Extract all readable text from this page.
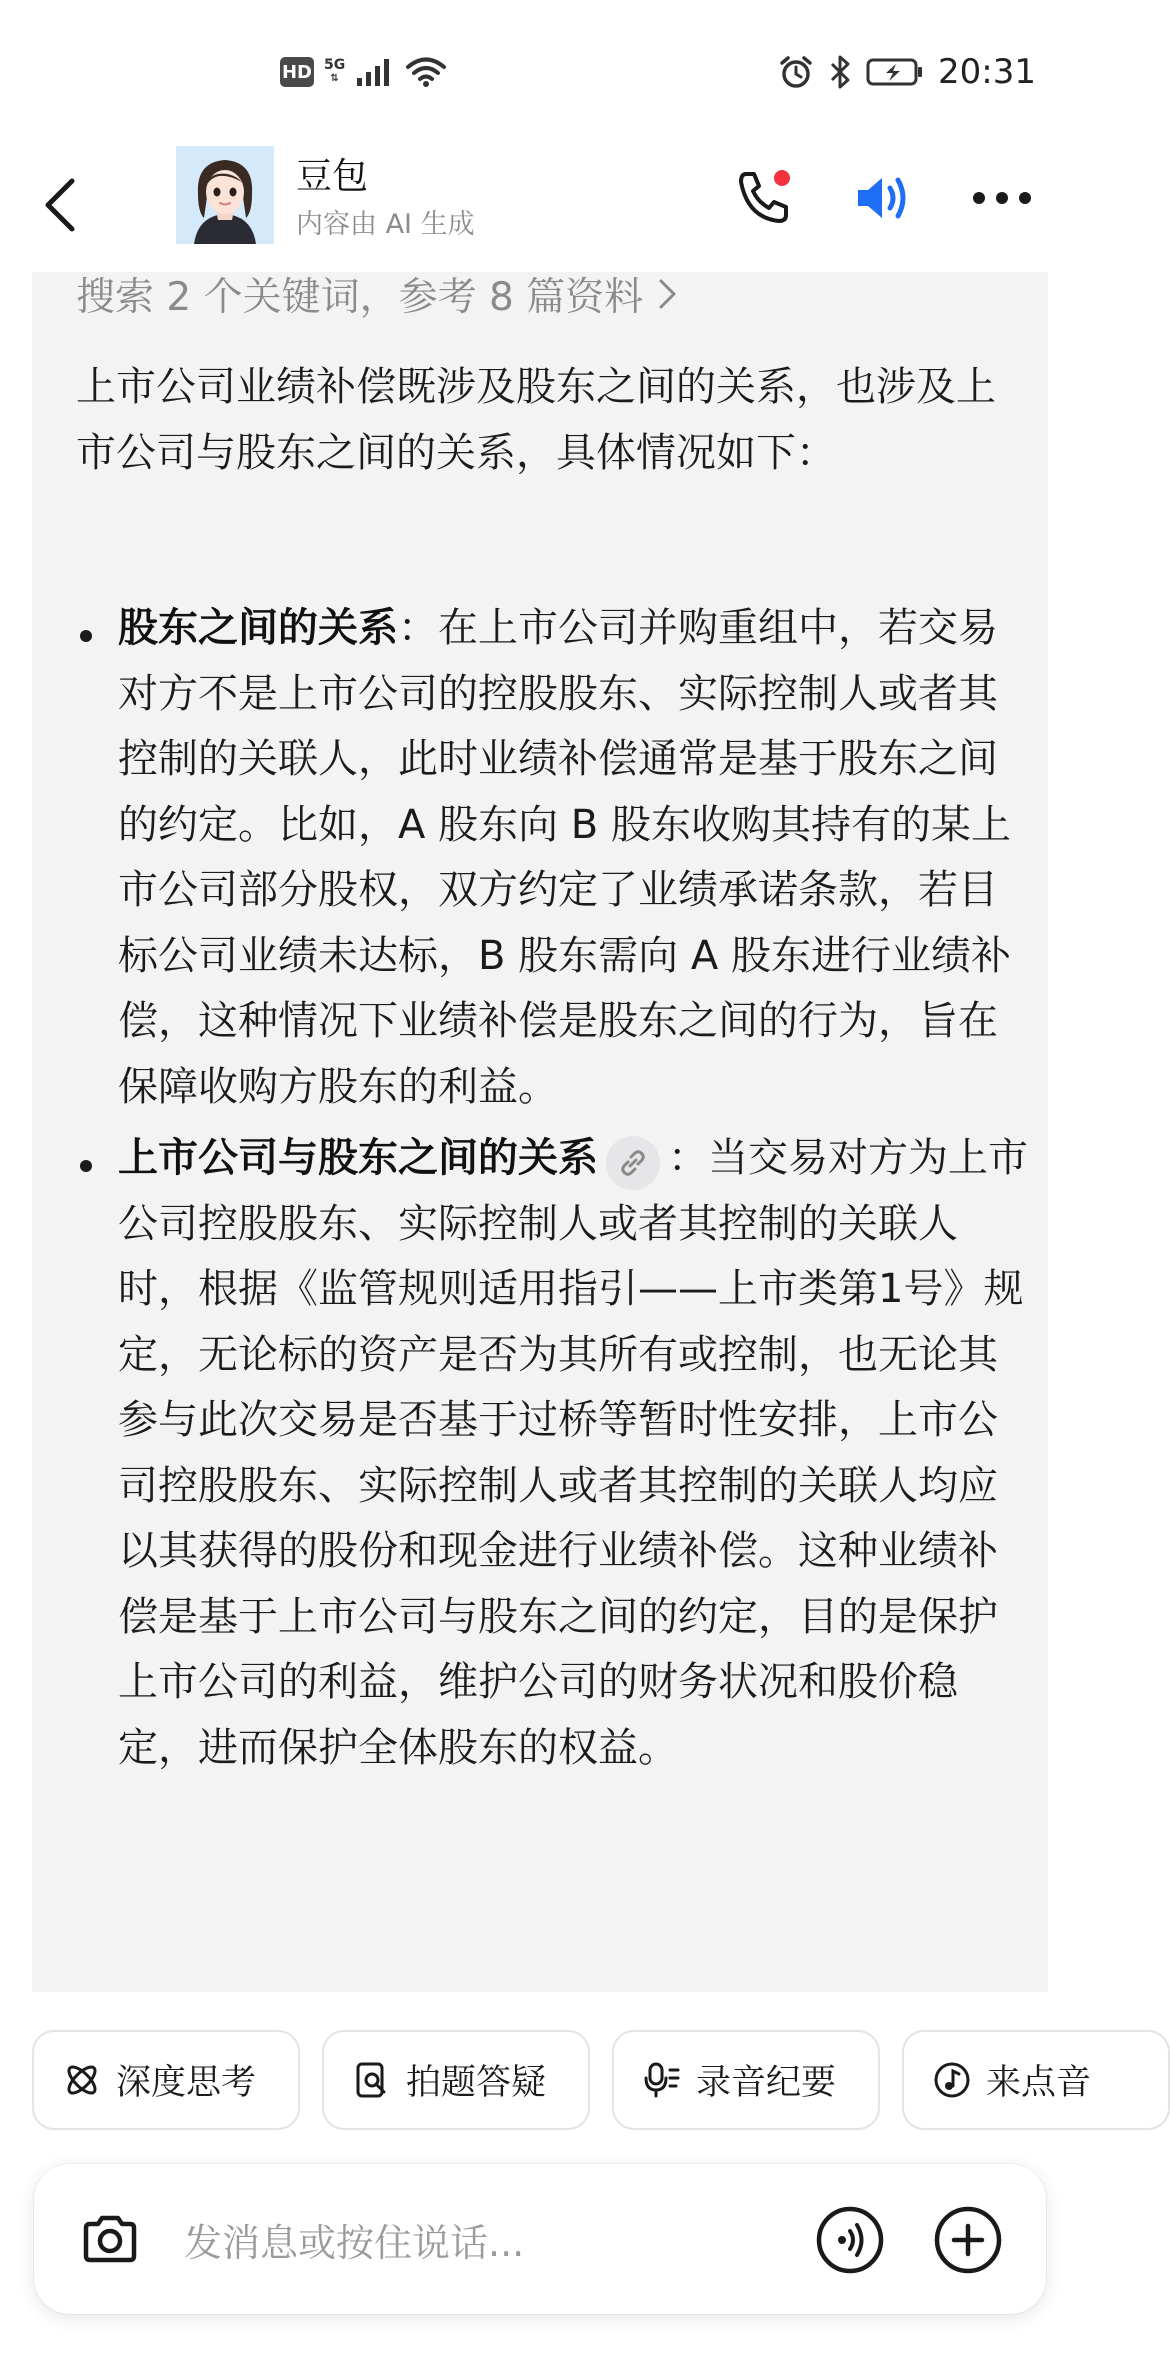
HD 5G
⇅	20:31
豆包
内容由 AI 生成
搜索 2 个关键词，参考 8 篇资料
上市公司业绩补偿既涉及股东之间的关系，也涉及上市公司与股东之间的关系，具体情况如下：
股东之间的关系：在上市公司并购重组中，若交易对方不是上市公司的控股股东、实际控制人或者其控制的关联人，此时业绩补偿通常是基于股东之间的约定。比如，A 股东向 B 股东收购其持有的某上市公司部分股权，双方约定了业绩承诺条款，若目标公司业绩未达标，B 股东需向 A 股东进行业绩补偿，这种情况下业绩补偿是股东之间的行为，旨在保障收购方股东的利益。
上市公司与股东之间的关系 ：当交易对方为上市公司控股股东、实际控制人或者其控制的关联人时，根据《监管规则适用指引——上市类第1号》规定，无论标的资产是否为其所有或控制，也无论其参与此次交易是否基于过桥等暂时性安排，上市公司控股股东、实际控制人或者其控制的关联人均应以其获得的股份和现金进行业绩补偿。这种业绩补偿是基于上市公司与股东之间的约定，目的是保护上市公司的利益，维护公司的财务状况和股价稳定，进而保护全体股东的权益。
深度思考	拍题答疑	录音纪要	来点音
发消息或按住说话...
